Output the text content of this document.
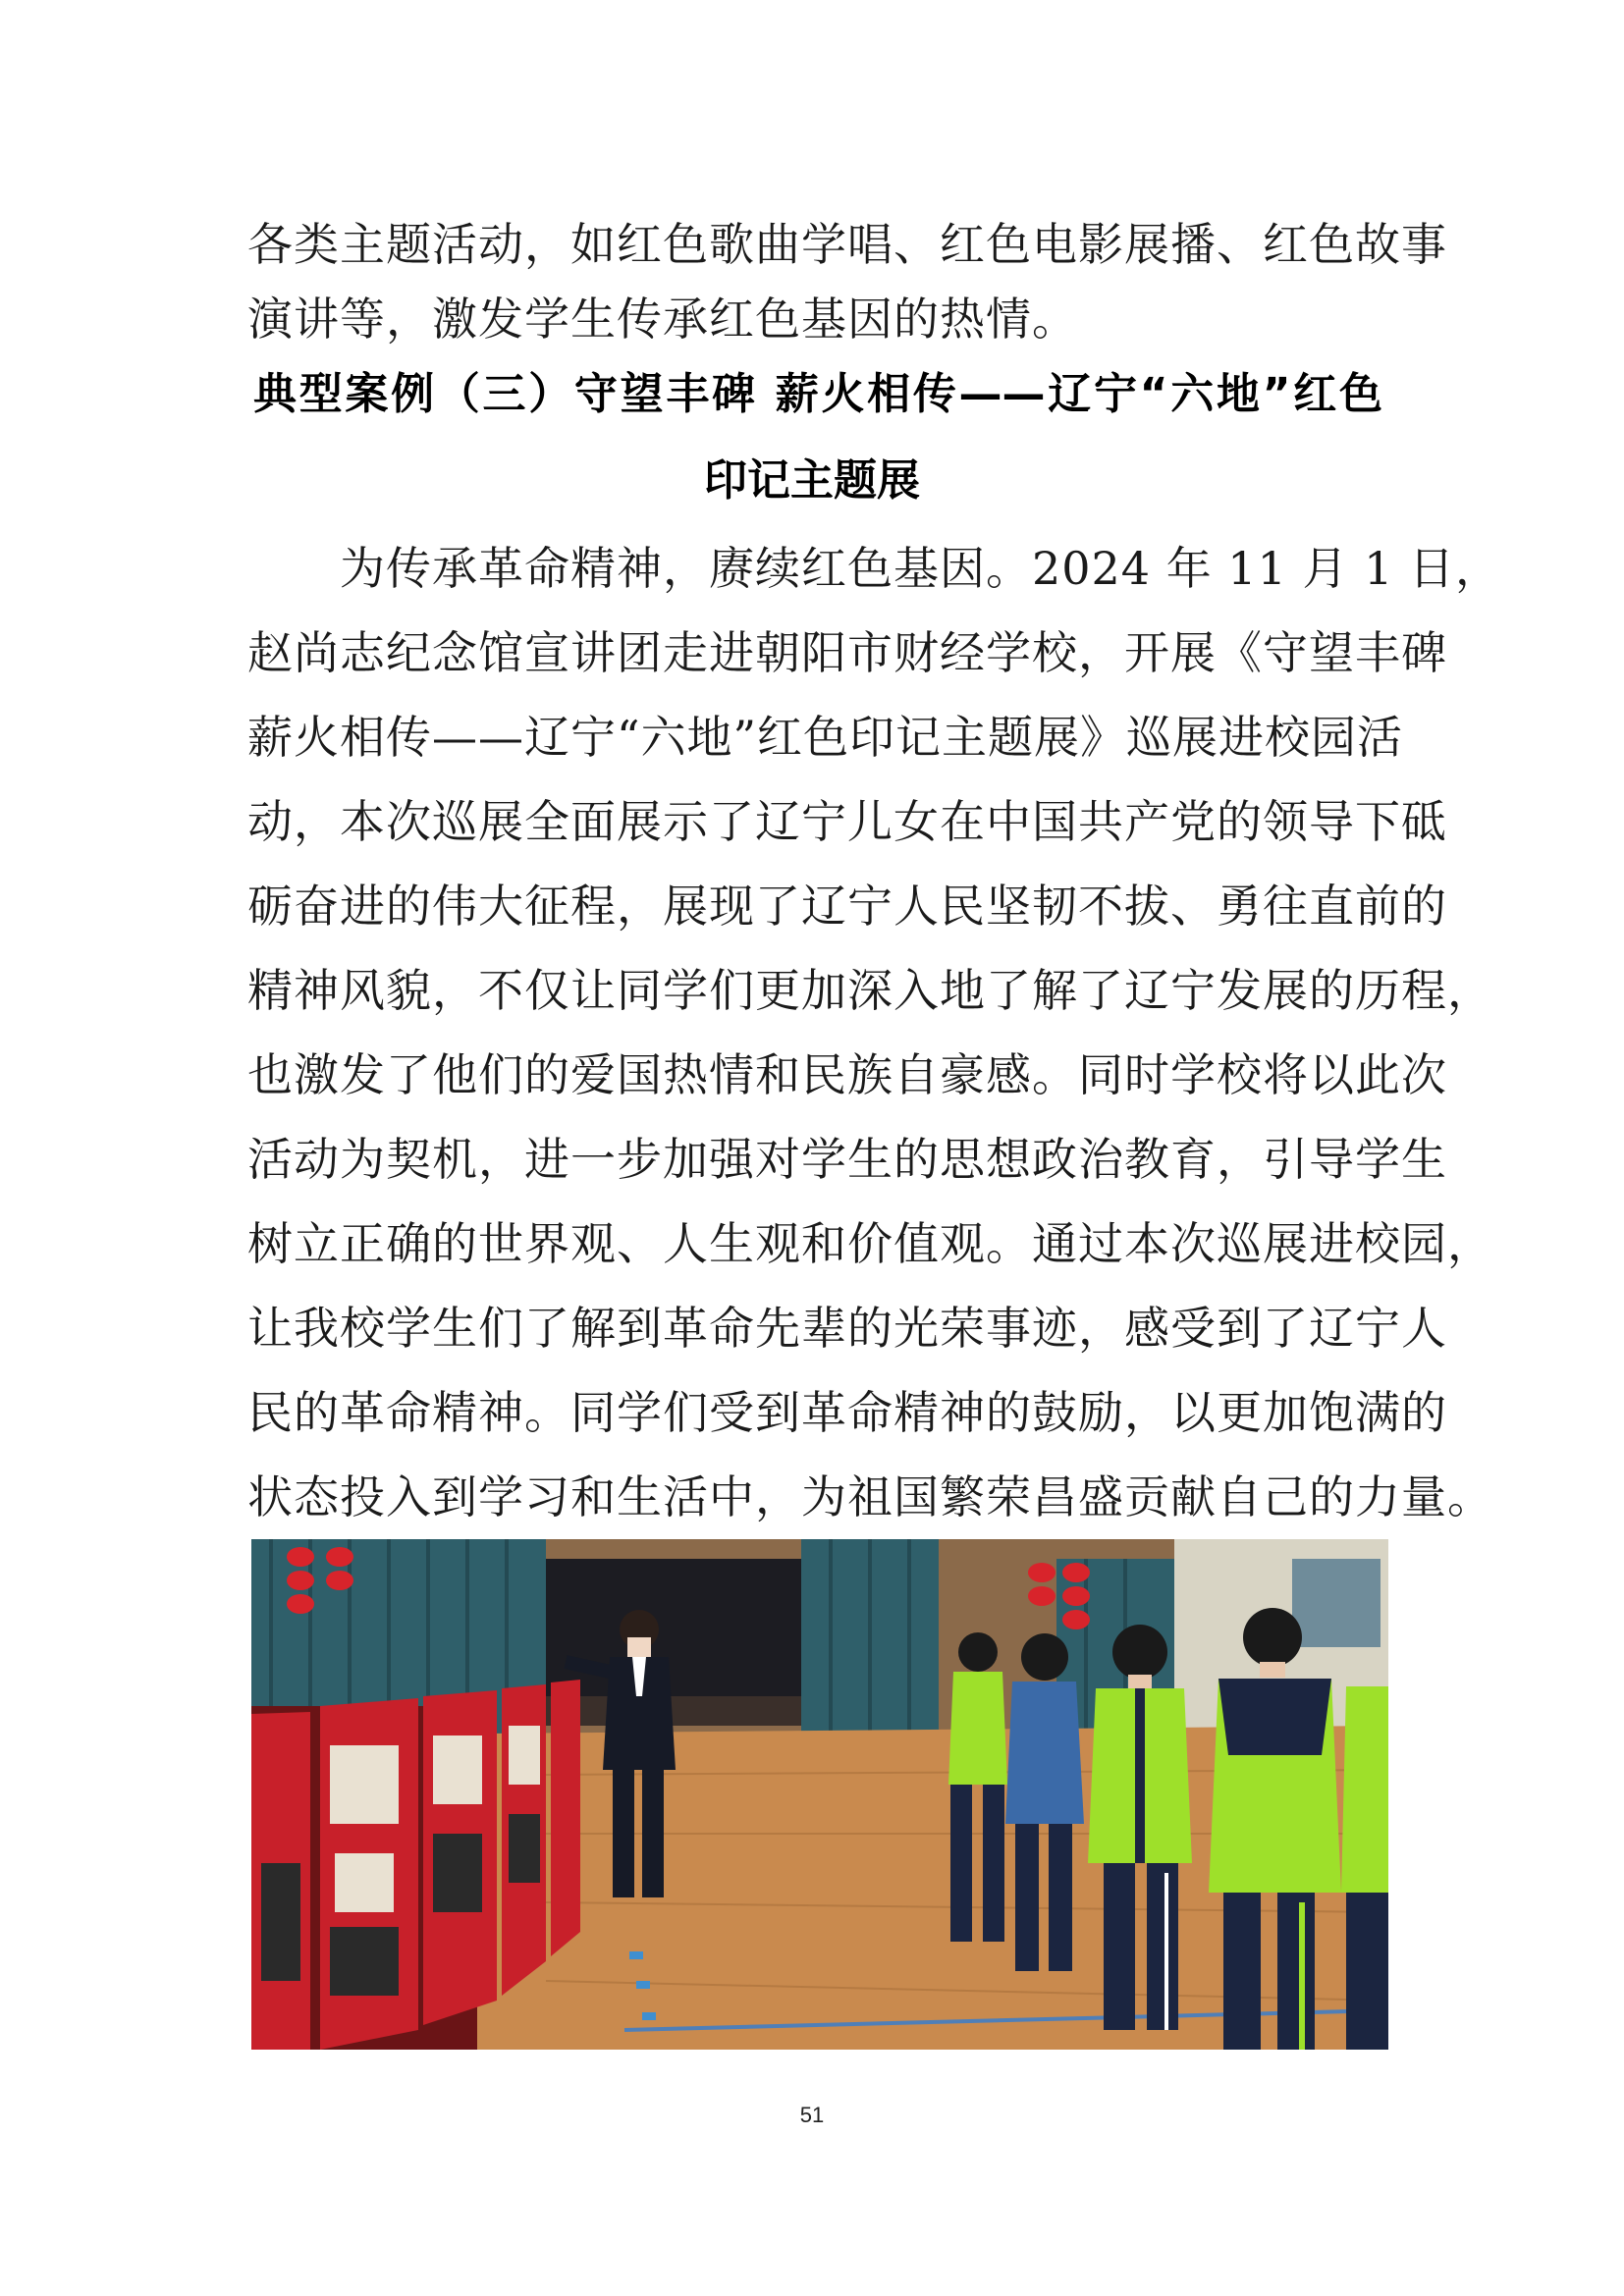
各类主题活动，如红色歌曲学唱、红色电影展播、红色故事
演讲等，激发学生传承红色基因的热情。
典型案例（三）守望丰碑 薪火相传——辽宁“六地”红色
印记主题展
　　为传承革命精神，赓续红色基因。2024 年 11 月 1 日，
赵尚志纪念馆宣讲团走进朝阳市财经学校，开展《守望丰碑
薪火相传——辽宁“六地”红色印记主题展》巡展进校园活
动，本次巡展全面展示了辽宁儿女在中国共产党的领导下砥
砺奋进的伟大征程，展现了辽宁人民坚韧不拔、勇往直前的
精神风貌，不仅让同学们更加深入地了解了辽宁发展的历程，
也激发了他们的爱国热情和民族自豪感。同时学校将以此次
活动为契机，进一步加强对学生的思想政治教育，引导学生
树立正确的世界观、人生观和价值观。通过本次巡展进校园，
让我校学生们了解到革命先辈的光荣事迹，感受到了辽宁人
民的革命精神。同学们受到革命精神的鼓励，以更加饱满的
状态投入到学习和生活中，为祖国繁荣昌盛贡献自己的力量。
51
